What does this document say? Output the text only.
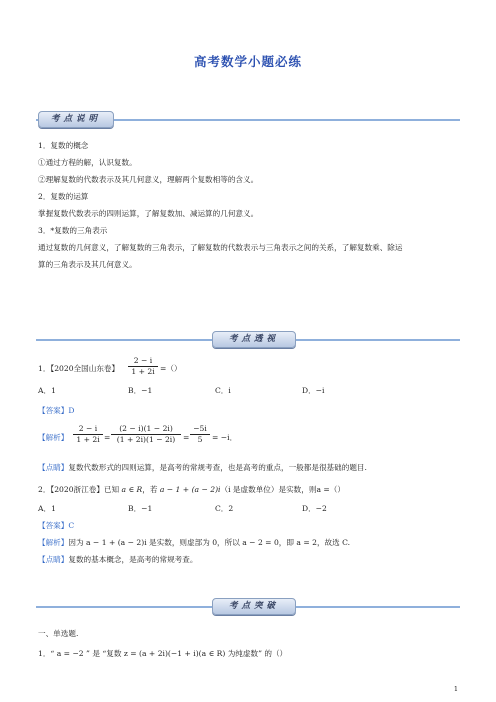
高考数学小题必练
考点说明
1．复数的概念
①通过方程的解，认识复数。
②理解复数的代数表示及其几何意义，理解两个复数相等的含义。
2．复数的运算
掌握复数代数表示的四则运算，了解复数加、减运算的几何意义。
3．*复数的三角表示
通过复数的几何意义，了解复数的三角表示，了解复数的代数表示与三角表示之间的关系，了解复数乘、除运
算的三角表示及其几何意义。
考点透视
1．【2020全国山东卷】 $\frac{2 - i}{1 + 2i}$ =（）
A．1	B．−1	C．i	D．−i
【答案】D
【解析】 $\frac{2 - i}{1 + 2i} = \frac{(2 - i)(1 - 2i)}{(1 + 2i)(1 - 2i)} = \frac{-5i}{5} = -i$．
【点睛】复数代数形式的四则运算，是高考的常规考查，也是高考的重点，一般都是很基础的题目.
2．【2020浙江卷】已知 a ∈ R，若 a − 1 + (a − 2)i（i 是虚数单位）是实数，则a =（）
A．1	B．−1	C．2	D．−2
【答案】C
【解析】因为 a − 1 + (a − 2)i 是实数，则虚部为 0，所以 a − 2 = 0，即 a = 2，故选 C.
【点睛】复数的基本概念，是高考的常规考查。
考点突破
一、单选题.
1．“ a = −2 ” 是 “复数 z = (a + 2i)(−1 + i)(a ∈ R) 为纯虚数” 的（）
1
